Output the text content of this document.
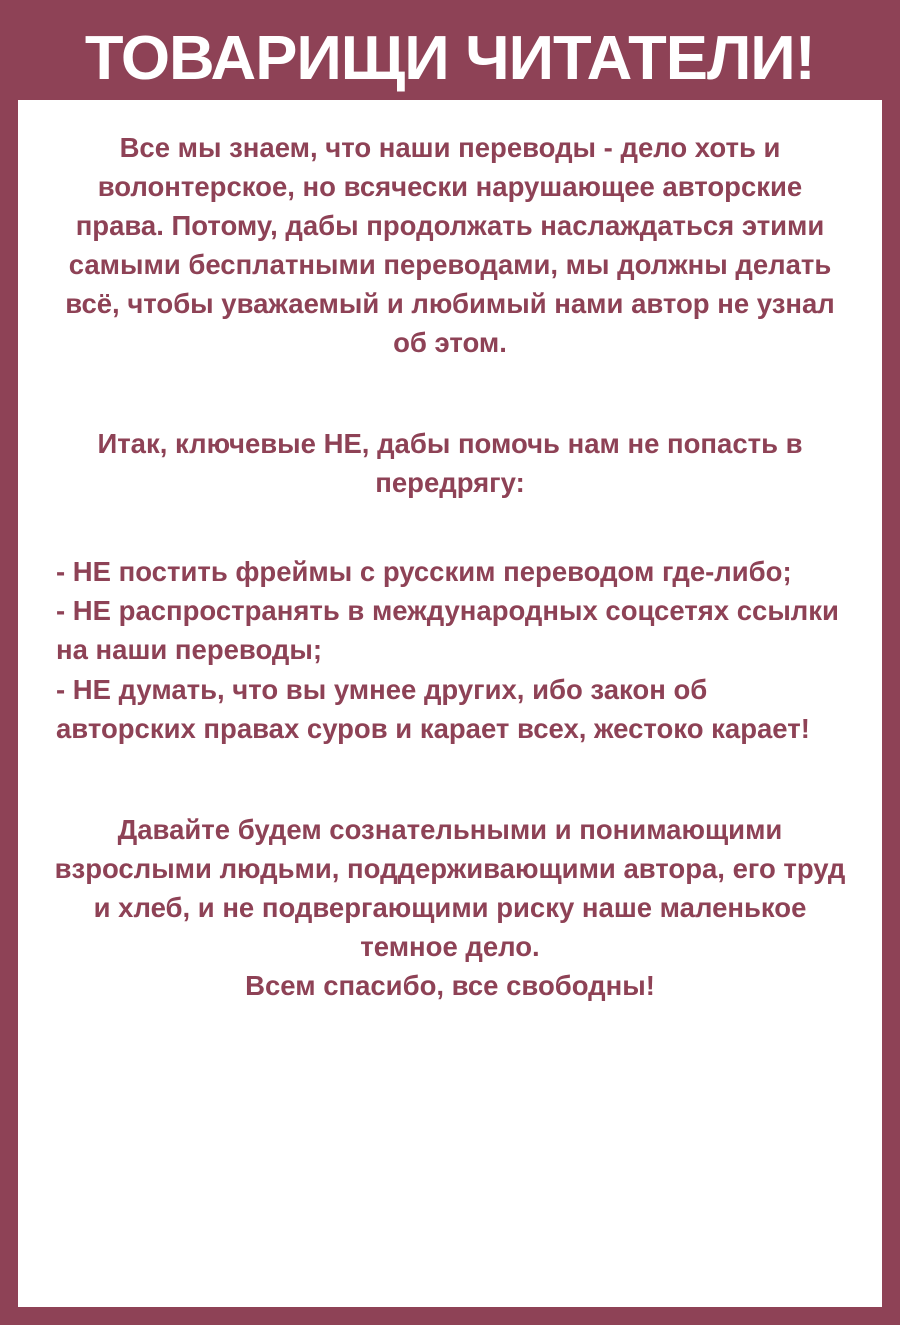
ТОВАРИЩИ ЧИТАТЕЛИ!

Все мы знаем, что наши переводы - дело хоть и волонтерское, но всячески нарушающее авторские права. Потому, дабы продолжать наслаждаться этими самыми бесплатными переводами, мы должны делать всё, чтобы уважаемый и любимый нами автор не узнал об этом.

Итак, ключевые НЕ, дабы помочь нам не попасть в передрягу:

- НЕ постить фреймы с русским переводом где-либо;

- НЕ распространять в международных соцсетях ссылки на наши переводы;

- НЕ думать, что вы умнее других, ибо закон об авторских правах суров и карает всех, жестоко карает!

Давайте будем сознательными и понимающими взрослыми людьми, поддерживающими автора, его труд и хлеб, и не подвергающими риску наше маленькое темное дело.

Всем спасибо, все свободны!
